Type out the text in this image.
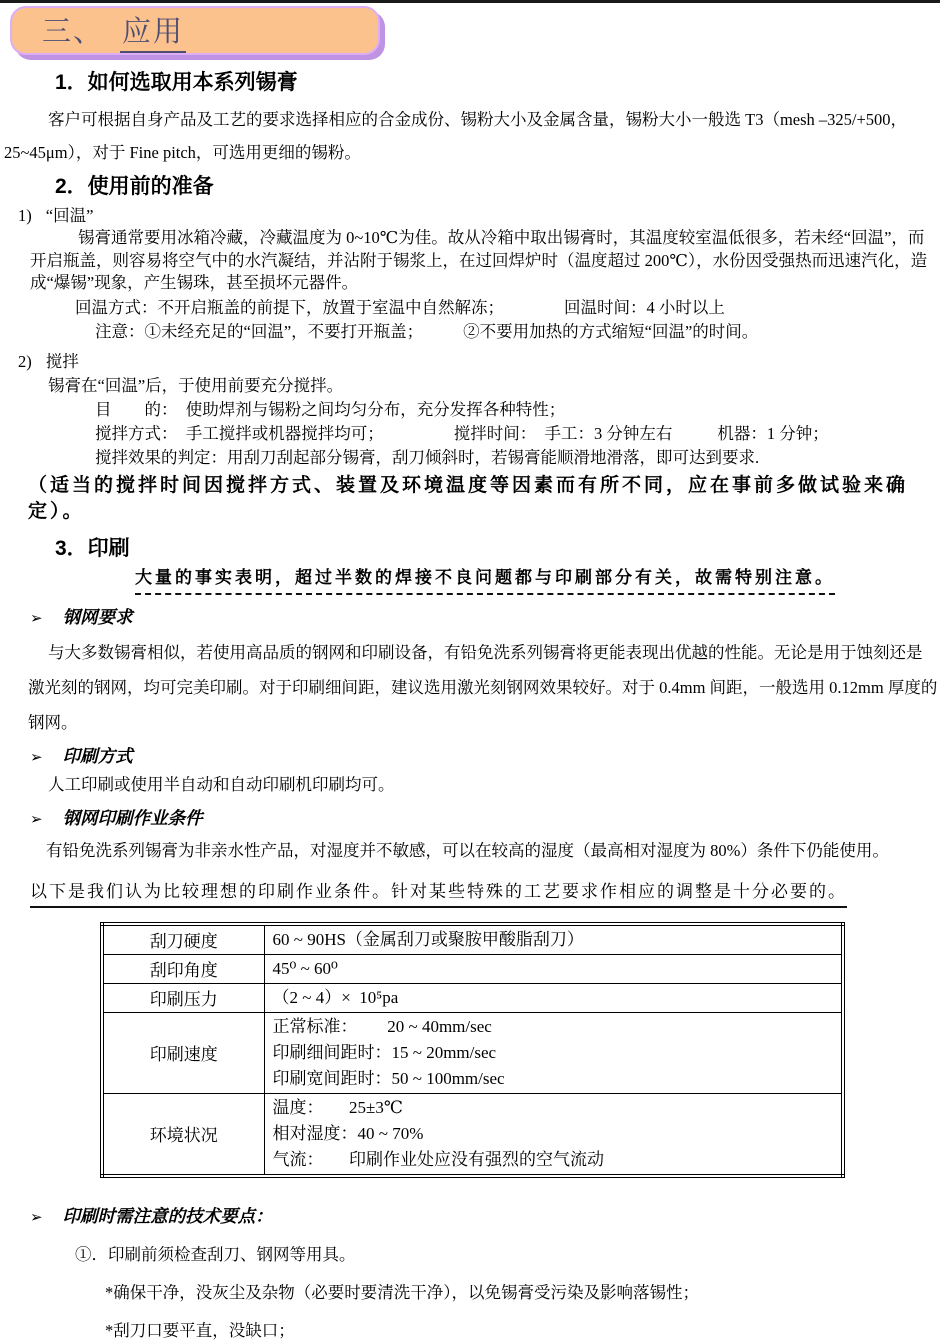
三、 应用
1．如何选取用本系列锡膏
客户可根据自身产品及工艺的要求选择相应的合金成份、锡粉大小及金属含量，锡粉大小一般选 T3（mesh –325/+500，25~45μm），对于 Fine pitch，可选用更细的锡粉。
2．使用前的准备
1) “回温”
锡膏通常要用冰箱冷藏，冷藏温度为 0~10℃为佳。故从冷箱中取出锡膏时，其温度较室温低很多，若未经“回温”，而开启瓶盖，则容易将空气中的水汽凝结，并沾附于锡浆上，在过回焊炉时（温度超过 200℃），水份因受强热而迅速汽化，造成“爆锡”现象，产生锡珠，甚至损坏元器件。
回温方式：不开启瓶盖的前提下，放置于室温中自然解冻；	回温时间：4 小时以上
注意：①未经充足的“回温”，不要打开瓶盖； ②不要用加热的方式缩短“回温”的时间。
2) 搅拌
锡膏在“回温”后，于使用前要充分搅拌。
目　　的：　使助焊剂与锡粉之间均匀分布，充分发挥各种特性；
搅拌方式：　手工搅拌或机器搅拌均可；	搅拌时间：　手工：3 分钟左右	机器：1 分钟；
搅拌效果的判定：用刮刀刮起部分锡膏，刮刀倾斜时，若锡膏能顺滑地滑落，即可达到要求.
（适当的搅拌时间因搅拌方式、装置及环境温度等因素而有所不同，应在事前多做试验来确定）。
3．印刷
大量的事实表明，超过半数的焊接不良问题都与印刷部分有关，故需特别注意。
➢ 钢网要求
与大多数锡膏相似，若使用高品质的钢网和印刷设备，有铅免洗系列锡膏将更能表现出优越的性能。无论是用于蚀刻还是激光刻的钢网，均可完美印刷。对于印刷细间距，建议选用激光刻钢网效果较好。对于 0.4mm 间距，一般选用 0.12mm 厚度的钢网。
➢ 印刷方式
人工印刷或使用半自动和自动印刷机印刷均可。
➢ 钢网印刷作业条件
有铅免洗系列锡膏为非亲水性产品，对湿度并不敏感，可以在较高的湿度（最高相对湿度为 80%）条件下仍能使用。
以下是我们认为比较理想的印刷作业条件。针对某些特殊的工艺要求作相应的调整是十分必要的。
刮刀硬度	60 ~ 90HS（金属刮刀或聚胺甲酸脂刮刀）

刮印角度	45⁰ ~ 60⁰

印刷压力	（2 ~ 4）×  10⁵pa

印刷速度	正常标准：　　 20 ~ 40mm/sec
印刷细间距时：15 ~ 20mm/sec
印刷宽间距时：50 ~ 100mm/sec

环境状况	温度：　　25±3℃
相对湿度：40 ~ 70%
气流：　　印刷作业处应没有强烈的空气流动
➢ 印刷时需注意的技术要点：
①．印刷前须检查刮刀、钢网等用具。
*确保干净，没灰尘及杂物（必要时要清洗干净），以免锡膏受污染及影响落锡性；
*刮刀口要平直，没缺口；
